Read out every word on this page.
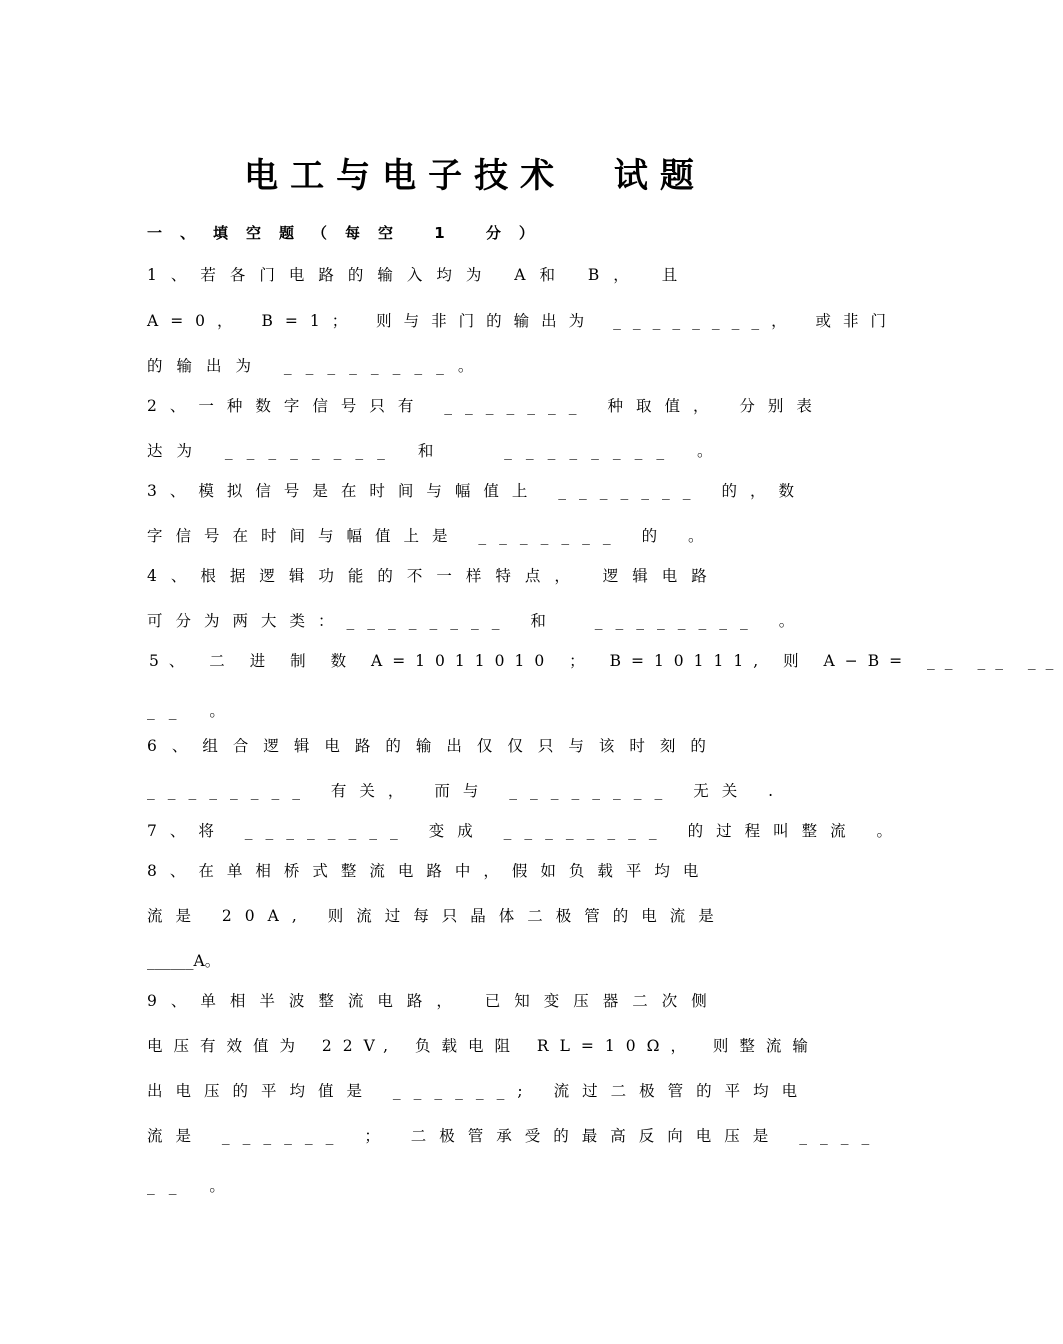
电工与电子技术  试题
一、填空题（每空 1 分）
1、若各门电路的输入均为 A和 B， 且
A=0， B=1； 则与非门的输出为 ________， 或非门
的输出为 ________。
2、一种数字信号只有 _______ 种取值， 分别表
达为 ________ 和   ________ 。
3、模拟信号是在时间与幅值上 _______ 的，数
字信号在时间与幅值上是 _______ 的 。
4、根据逻辑功能的不一样特点， 逻辑电路
可分为两大类：________ 和  ________ 。
5、 二 进 制 数 A=1011010 ； B=10111, 则 A−B= __ __ __
__ 。
6、组合逻辑电路的输出仅仅只与该时刻的
________ 有关， 而与 ________ 无关 .
7、将 ________ 变成 ________ 的过程叫整流 。
8、在单相桥式整流电路中，假如负载平均电
流是 20A, 则流过每只晶体二极管的电流是
______A。
9、单相半波整流电路， 已知变压器二次侧
电压有效值为 22V, 负载电阻 RL=10Ω， 则整流输
出电压的平均值是 ______; 流过二极管的平均电
流是 ______ ； 二极管承受的最高反向电压是 ____
__ 。
